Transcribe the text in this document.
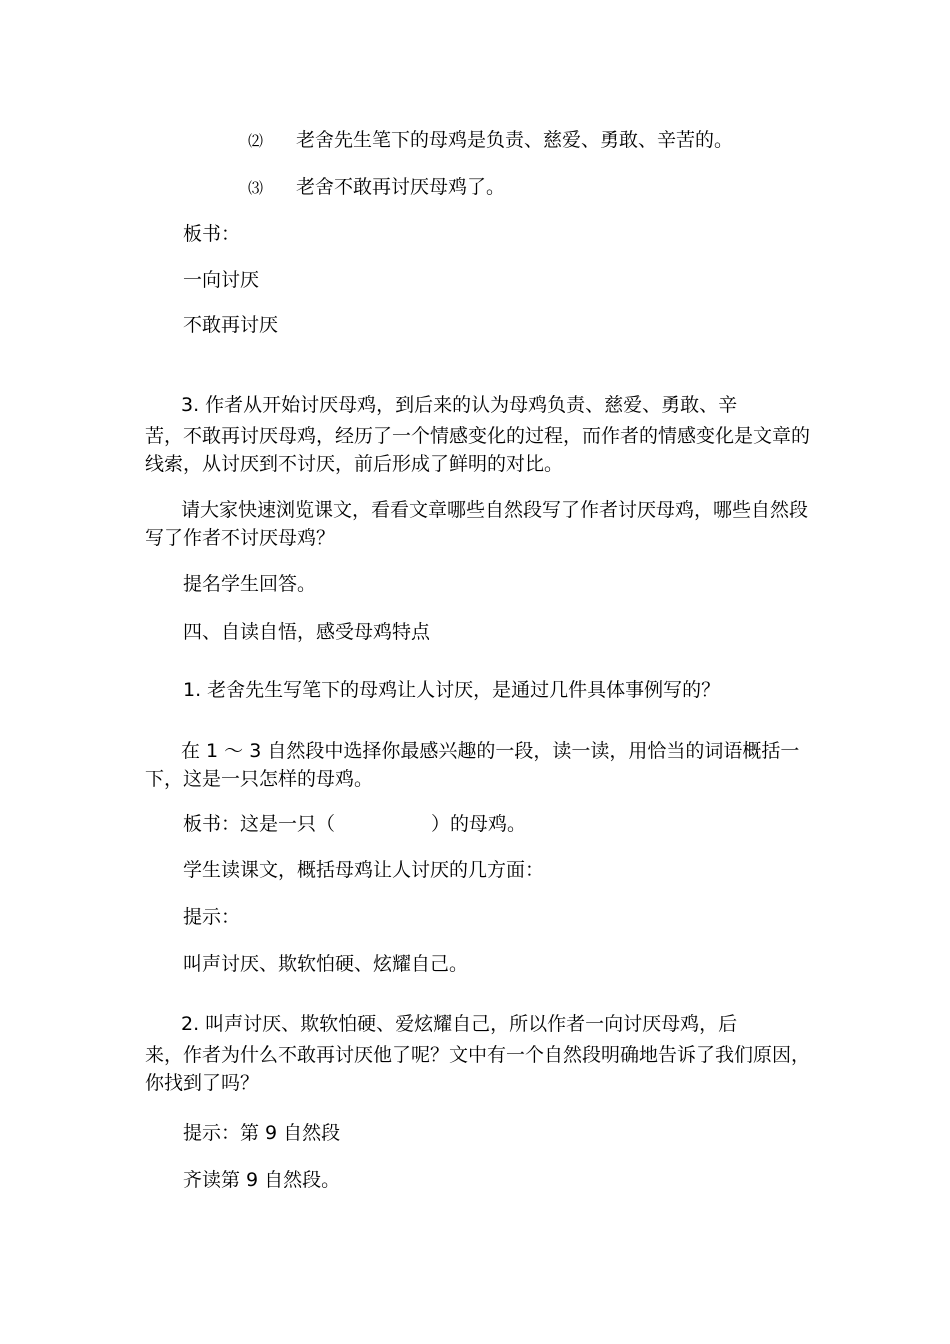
⑵ 老舍先生笔下的母鸡是负责、慈爱、勇敢、辛苦的。
⑶ 老舍不敢再讨厌母鸡了。
板书：
一向讨厌
不敢再讨厌
3. 作者从开始讨厌母鸡，到后来的认为母鸡负责、慈爱、勇敢、辛
苦，不敢再讨厌母鸡，经历了一个情感变化的过程，而作者的情感变化是文章的线索，从讨厌到不讨厌，前后形成了鲜明的对比。
请大家快速浏览课文，看看文章哪些自然段写了作者讨厌母鸡，哪些自然段写了作者不讨厌母鸡？
提名学生回答。
四、自读自悟，感受母鸡特点
1. 老舍先生写笔下的母鸡让人讨厌，是通过几件具体事例写的？
在 1 ～ 3 自然段中选择你最感兴趣的一段，读一读，用恰当的词语概括一下，这是一只怎样的母鸡。
板书：这是一只（	）的母鸡。
学生读课文，概括母鸡让人讨厌的几方面：
提示：
叫声讨厌、欺软怕硬、炫耀自己。
2. 叫声讨厌、欺软怕硬、爱炫耀自己，所以作者一向讨厌母鸡，后
来，作者为什么不敢再讨厌他了呢？文中有一个自然段明确地告诉了我们原因，你找到了吗？
提示：第 9 自然段
齐读第 9 自然段。
